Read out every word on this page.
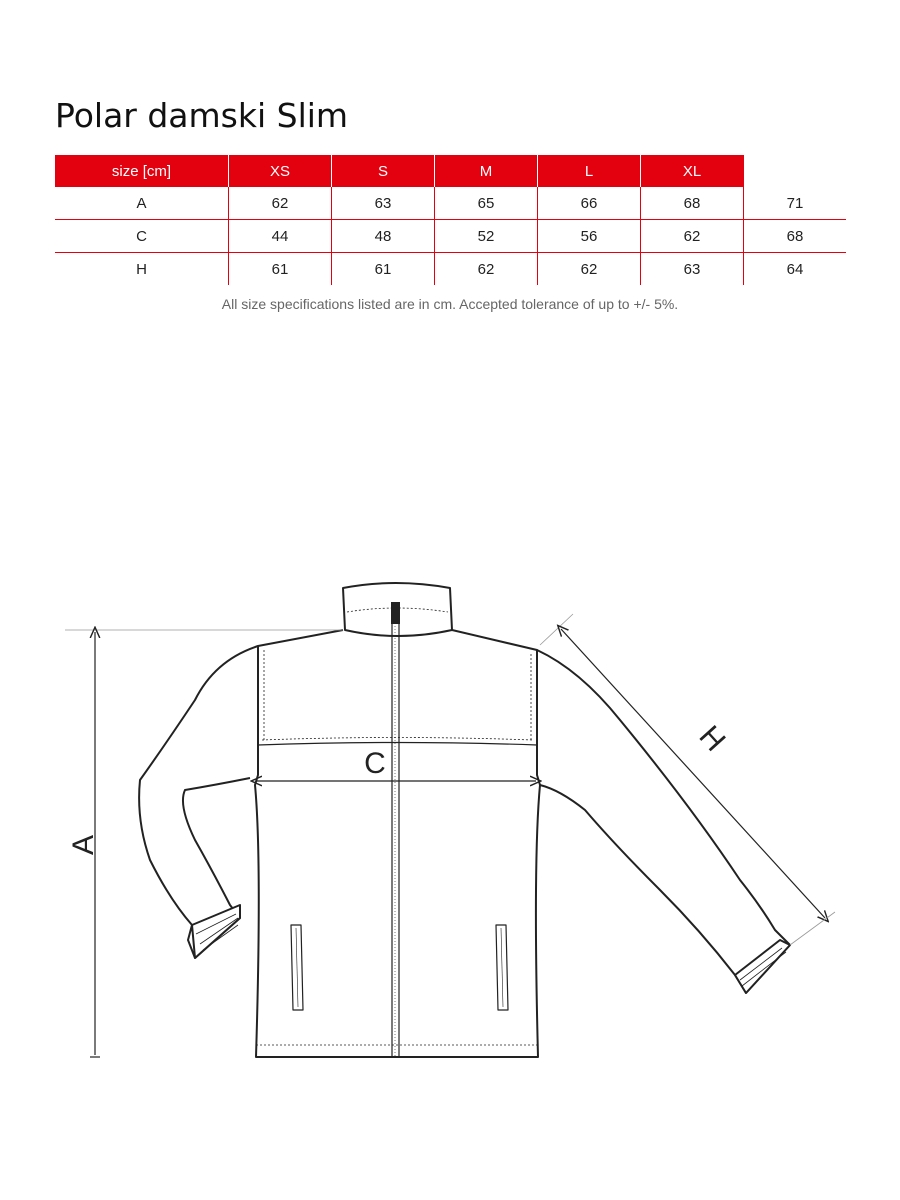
Polar damski Slim
size [cm]	XS	S	M	L	XL	
A	62	63	65	66	68	71
C	44	48	52	56	62	68
H	61	61	62	62	63	64
All size specifications listed are in cm. Accepted tolerance of up to +/- 5%.
A
C
H
